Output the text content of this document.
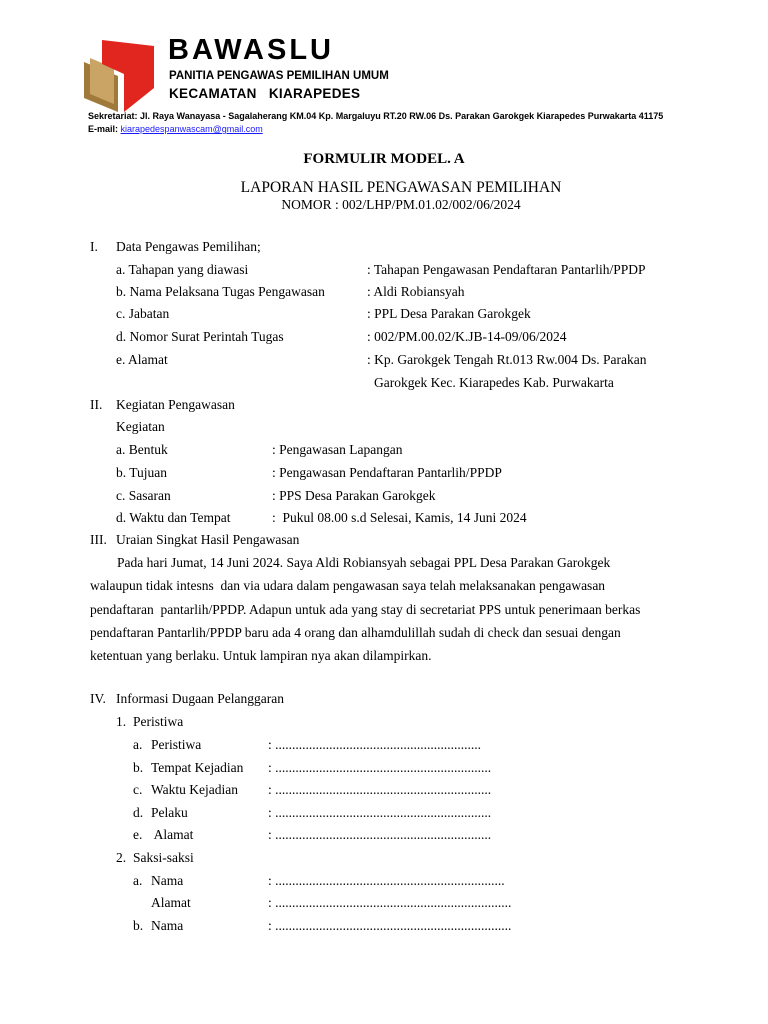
BAWASLU
PANITIA PENGAWAS PEMILIHAN UMUM
KECAMATAN   KIARAPEDES
Sekretariat: Jl. Raya Wanayasa - Sagalaherang KM.04 Kp. Margaluyu RT.20 RW.06 Ds. Parakan Garokgek Kiarapedes Purwakarta 41175
E-mail: kiarapedespanwascam@gmail.com
FORMULIR MODEL. A
LAPORAN HASIL PENGAWASAN PEMILIHAN
NOMOR : 002/LHP/PM.01.02/002/06/2024
I. Data Pengawas Pemilihan;
a. Tahapan yang diawasi	: Tahapan Pengawasan Pendaftaran Pantarlih/PPDP
b. Nama Pelaksana Tugas Pengawasan	: Aldi Robiansyah
c. Jabatan	: PPL Desa Parakan Garokgek
d. Nomor Surat Perintah Tugas	: 002/PM.00.02/K.JB-14-09/06/2024
e. Alamat	: Kp. Garokgek Tengah Rt.013 Rw.004 Ds. Parakan
Garokgek Kec. Kiarapedes Kab. Purwakarta
II. Kegiatan Pengawasan
Kegiatan
a. Bentuk	: Pengawasan Lapangan
b. Tujuan	: Pengawasan Pendaftaran Pantarlih/PPDP
c. Sasaran	: PPS Desa Parakan Garokgek
d. Waktu dan Tempat	:  Pukul 08.00 s.d Selesai, Kamis, 14 Juni 2024
III. Uraian Singkat Hasil Pengawasan
Pada hari Jumat, 14 Juni 2024. Saya Aldi Robiansyah sebagai PPL Desa Parakan Garokgek
walaupun tidak intesns  dan via udara dalam pengawasan saya telah melaksanakan pengawasan
pendaftaran  pantarlih/PPDP. Adapun untuk ada yang stay di secretariat PPS untuk penerimaan berkas
pendaftaran Pantarlih/PPDP baru ada 4 orang dan alhamdulillah sudah di check dan sesuai dengan
ketentuan yang berlaku. Untuk lampiran nya akan dilampirkan.
IV. Informasi Dugaan Pelanggaran
1. Peristiwa
a. Peristiwa	: .............................................................
b. Tempat Kejadian : ................................................................
c. Waktu Kejadian : ................................................................
d. Pelaku	: ................................................................
e. Alamat	: ................................................................
2. Saksi-saksi
a. Nama	: ....................................................................
Alamat	: ......................................................................
b. Nama	: ......................................................................
